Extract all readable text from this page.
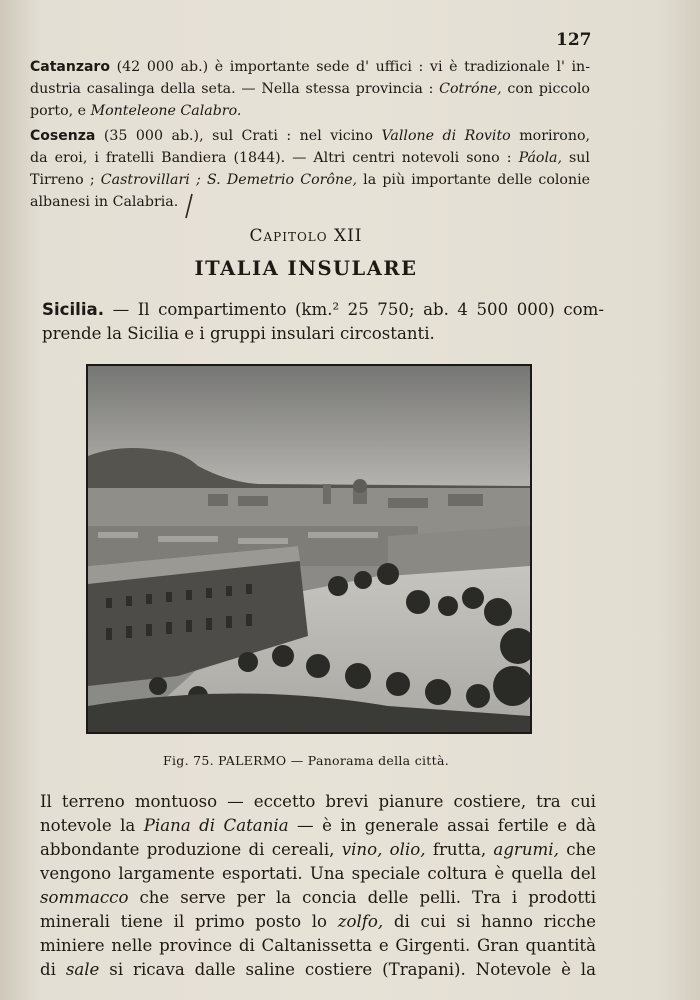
127

Catanzaro (42 000 ab.) è importante sede d' uffici : vi è tradizionale l' in-

dustria casalinga della seta. — Nella stessa provincia : Cotróne, con piccolo

porto, e Monteleone Calabro.

Cosenza (35 000 ab.), sul Crati : nel vicino Vallone di Rovito morirono,

da eroi, i fratelli Bandiera (1844). — Altri centri notevoli sono : Páola, sul

Tirreno ; Castrovillari ; S. Demetrio Corône, la più importante delle colonie

albanesi in Calabria.

Capitolo XII
ITALIA INSULARE

Sicilia. — Il compartimento (km.² 25 750; ab. 4 500 000) com-

prende la Sicilia e i gruppi insulari circostanti.

Fig. 75. PALERMO — Panorama della città.

Il terreno montuoso — eccetto brevi pianure costiere, tra cui

notevole la Piana di Catania — è in generale assai fertile e dà

abbondante produzione di cereali, vino, olio, frutta, agrumi, che

vengono largamente esportati. Una speciale coltura è quella del

sommacco che serve per la concia delle pelli. Tra i prodotti

minerali tiene il primo posto lo zolfo, di cui si hanno ricche

miniere nelle province di Caltanissetta e Girgenti. Gran quantità

di sale si ricava dalle saline costiere (Trapani). Notevole è la
